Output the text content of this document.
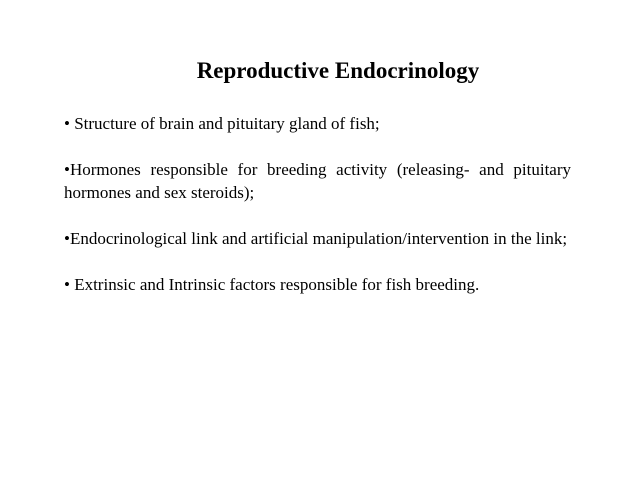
Reproductive Endocrinology
• Structure of brain and pituitary gland of fish;
•Hormones responsible for breeding activity (releasing- and pituitary hormones and sex steroids);
•Endocrinological link and artificial manipulation/intervention in the link;
• Extrinsic and Intrinsic factors responsible for fish breeding.
